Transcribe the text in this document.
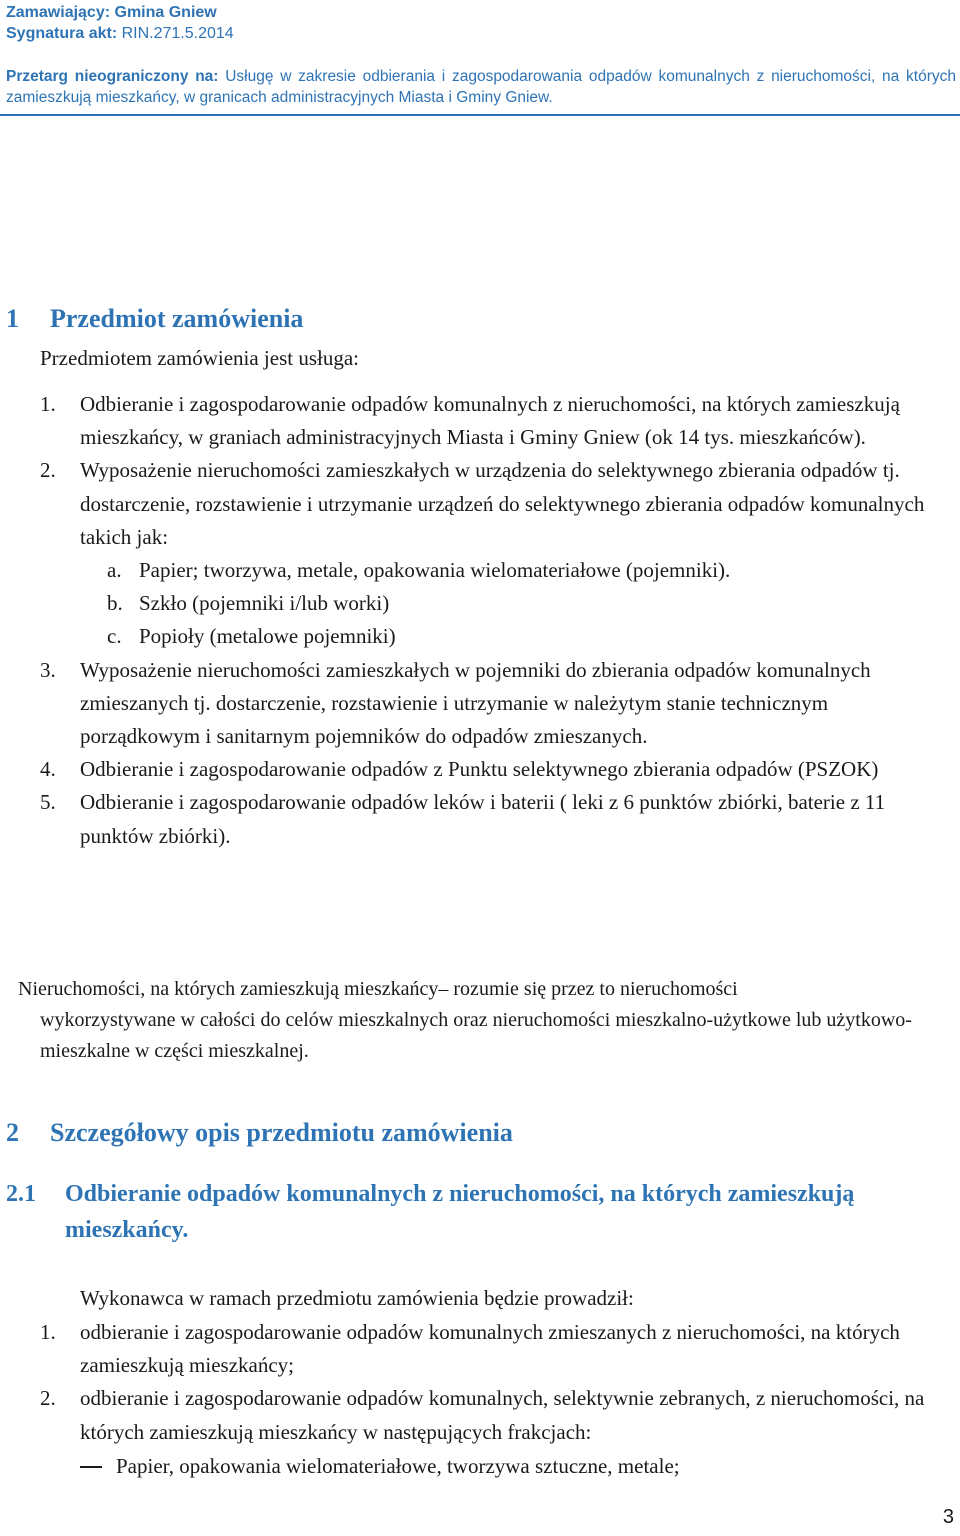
Zamawiający: Gmina Gniew
Sygnatura akt: RIN.271.5.2014
Przetarg nieograniczony na: Usługę w zakresie odbierania i zagospodarowania odpadów komunalnych z nieruchomości, na których zamieszkują mieszkańcy, w granicach administracyjnych Miasta i Gminy Gniew.
1 Przedmiot zamówienia
Przedmiotem zamówienia jest usługa:
1. Odbieranie i zagospodarowanie odpadów komunalnych z nieruchomości, na których zamieszkują mieszkańcy, w graniach administracyjnych Miasta i Gminy Gniew (ok 14 tys. mieszkańców).
2. Wyposażenie nieruchomości zamieszkałych w urządzenia do selektywnego zbierania odpadów tj. dostarczenie, rozstawienie i utrzymanie urządzeń do selektywnego zbierania odpadów komunalnych takich jak:
a. Papier; tworzywa, metale, opakowania wielomateriałowe (pojemniki).
b. Szkło (pojemniki i/lub worki)
c. Popioły (metalowe pojemniki)
3. Wyposażenie nieruchomości zamieszkałych w pojemniki do zbierania odpadów komunalnych zmieszanych tj. dostarczenie, rozstawienie i utrzymanie w należytym stanie technicznym porządkowym i sanitarnym pojemników do odpadów zmieszanych.
4. Odbieranie i zagospodarowanie odpadów z Punktu selektywnego zbierania odpadów (PSZOK)
5. Odbieranie i zagospodarowanie odpadów leków i baterii ( leki z 6 punktów zbiórki, baterie z 11 punktów zbiórki).
Nieruchomości, na których zamieszkują mieszkańcy– rozumie się przez to nieruchomości
wykorzystywane w całości do celów mieszkalnych oraz nieruchomości mieszkalno-użytkowe lub użytkowo- mieszkalne w części mieszkalnej.
2 Szczegółowy opis przedmiotu zamówienia
2.1 Odbieranie odpadów komunalnych z nieruchomości, na których zamieszkują mieszkańcy.
Wykonawca w ramach przedmiotu zamówienia będzie prowadził:
1. odbieranie i zagospodarowanie odpadów komunalnych zmieszanych z nieruchomości, na których zamieszkują mieszkańcy;
2. odbieranie i zagospodarowanie odpadów komunalnych, selektywnie zebranych, z nieruchomości, na których zamieszkują mieszkańcy w następujących frakcjach:
Papier, opakowania wielomateriałowe, tworzywa sztuczne, metale;
3
